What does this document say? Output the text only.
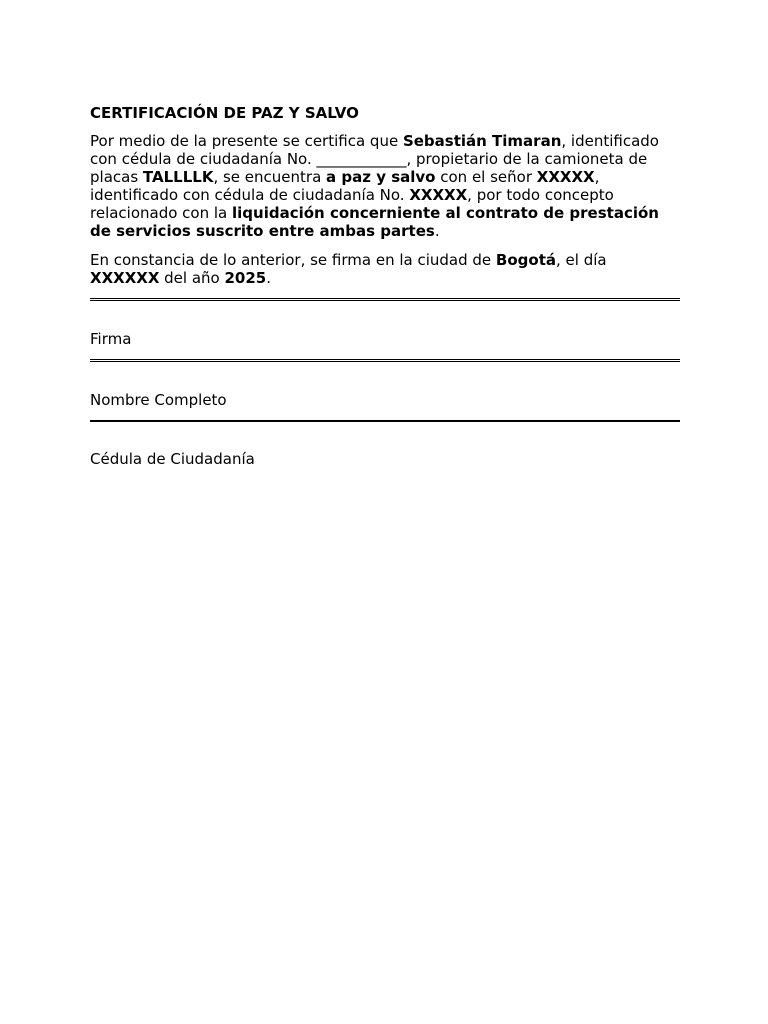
CERTIFICACIÓN DE PAZ Y SALVO

Por medio de la presente se certifica que Sebastián Timaran, identificado con cédula de ciudadanía No. ____________, propietario de la camioneta de placas TALLLLK, se encuentra a paz y salvo con el señor XXXXX, identificado con cédula de ciudadanía No. XXXXX, por todo concepto relacionado con la liquidación concerniente al contrato de prestación de servicios suscrito entre ambas partes.

En constancia de lo anterior, se firma en la ciudad de Bogotá, el día XXXXXX del año 2025.

Firma
Nombre Completo
Cédula de Ciudadanía
